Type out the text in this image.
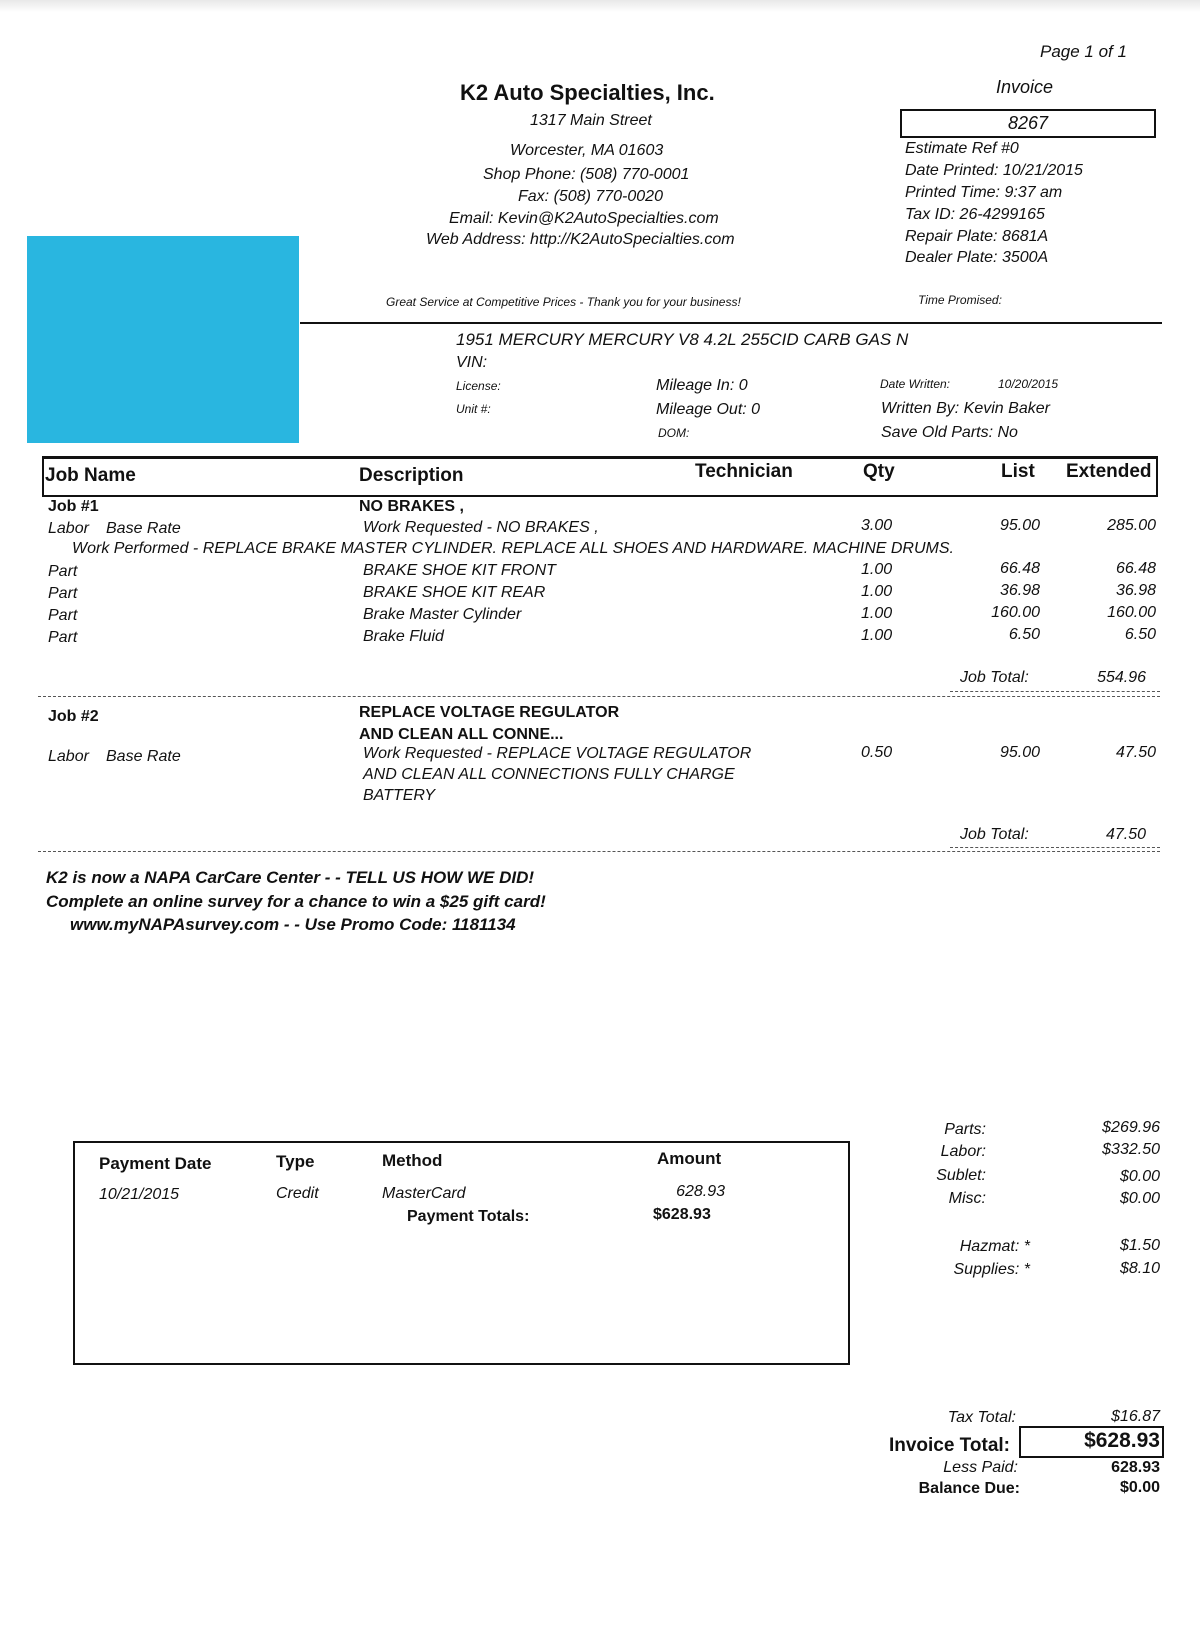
Page 1 of 1
K2 Auto Specialties, Inc.
1317 Main Street
Worcester, MA 01603
Shop Phone: (508) 770-0001
Fax: (508) 770-0020
Email: Kevin@K2AutoSpecialties.com
Web Address: http://K2AutoSpecialties.com
Invoice
8267
Estimate Ref #0
Date Printed: 10/21/2015
Printed Time: 9:37 am
Tax ID: 26-4299165
Repair Plate: 8681A
Dealer Plate: 3500A
Great Service at Competitive Prices - Thank you for your business!	Time Promised:
1951 MERCURY MERCURY V8 4.2L 255CID CARB GAS N
VIN:
License:
Unit #:
Mileage In: 0
Mileage Out: 0
DOM:
Date Written:	10/20/2015
Written By: Kevin Baker
Save Old Parts: No
Job Name	Description	Technician	Qty	List Extended
Job #1	NO BRAKES ,
Labor Base Rate	Work Requested - NO BRAKES ,	3.00	95.00	285.00
Work Performed - REPLACE BRAKE MASTER CYLINDER. REPLACE ALL SHOES AND HARDWARE. MACHINE DRUMS.
Part	BRAKE SHOE KIT FRONT	1.00	66.48	66.48
Part	BRAKE SHOE KIT REAR	1.00	36.98	36.98
Part	Brake Master Cylinder	1.00	160.00	160.00
Part	Brake Fluid	1.00	6.50	6.50
Job Total:	554.96
Job #2	REPLACE VOLTAGE REGULATOR
AND CLEAN ALL CONNE...
Labor Base Rate	Work Requested - REPLACE VOLTAGE REGULATOR
AND CLEAN ALL CONNECTIONS FULLY CHARGE
BATTERY
0.50	95.00	47.50
Job Total:	47.50
K2 is now a NAPA CarCare Center - - TELL US HOW WE DID!
Complete an online survey for a chance to win a $25 gift card!
www.myNAPAsurvey.com - - Use Promo Code: 1181134
Payment Date	Type	Method	Amount
10/21/2015	Credit	MasterCard	628.93
Payment Totals:	$628.93
Parts:	$269.96
Labor:	$332.50
Sublet:	$0.00
Misc:	$0.00
Hazmat: *	$1.50
Supplies: *	$8.10
Tax Total:	$16.87
Invoice Total:	$628.93
Less Paid:	628.93
Balance Due:	$0.00
